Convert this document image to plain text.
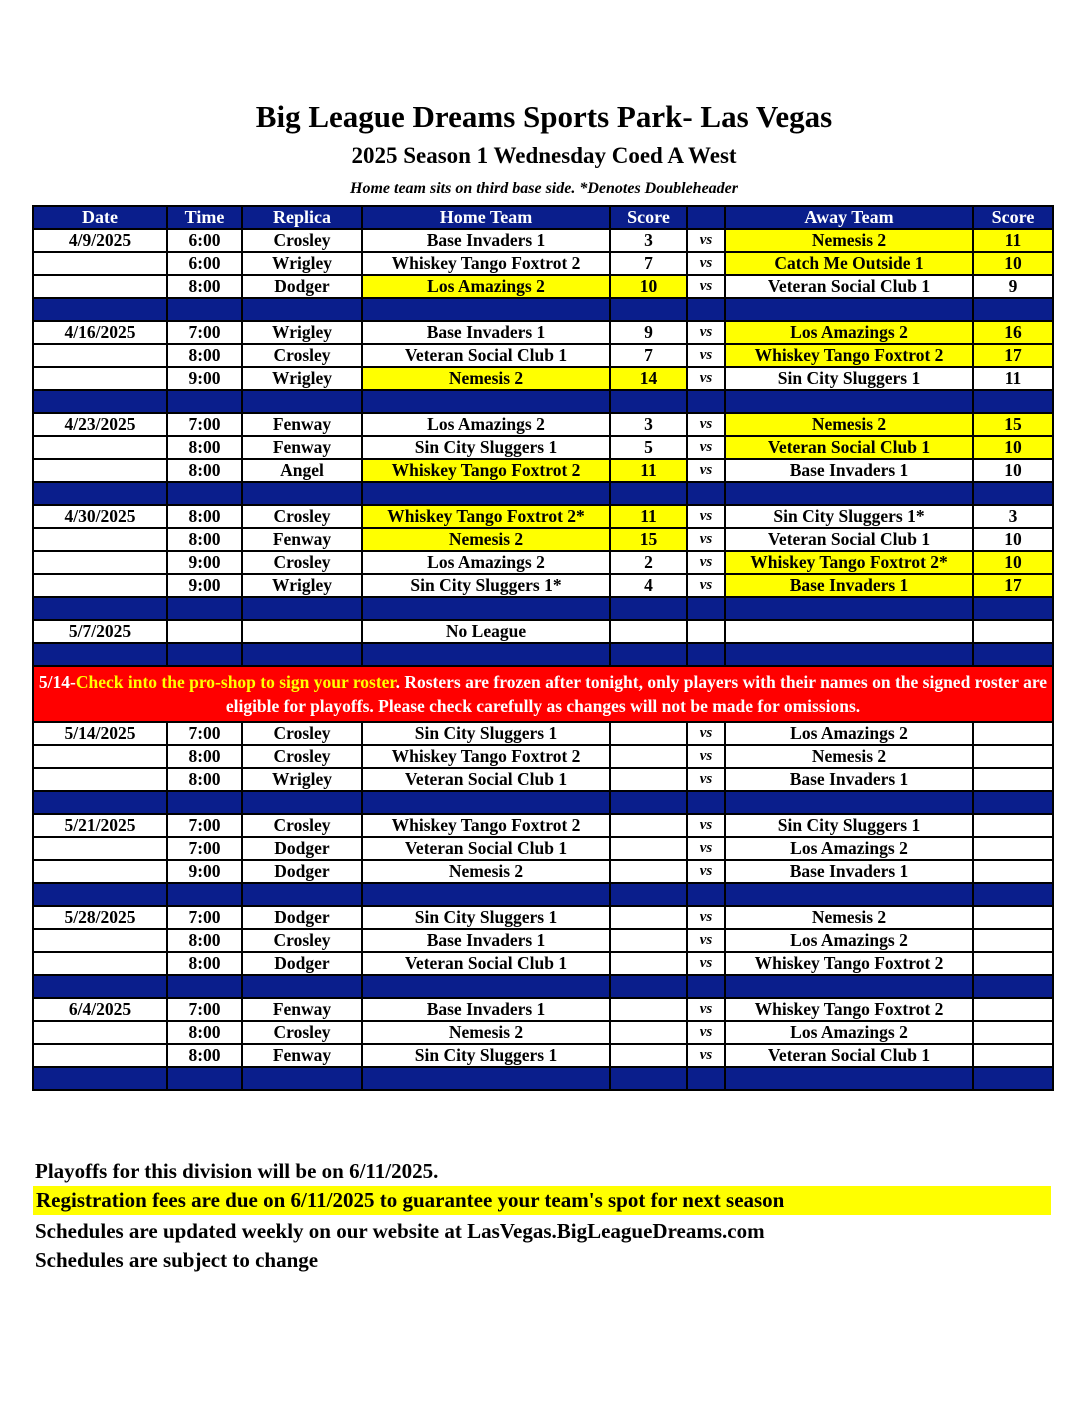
Big League Dreams Sports Park- Las Vegas
2025 Season 1 Wednesday Coed A West
Home team sits on third base side. *Denotes Doubleheader
Date	Time	Replica	Home Team	Score		Away Team	Score
4/9/2025	6:00	Crosley	Base Invaders 1	3	vs	Nemesis 2	11
	6:00	Wrigley	Whiskey Tango Foxtrot 2	7	vs	Catch Me Outside 1	10
	8:00	Dodger	Los Amazings 2	10	vs	Veteran Social Club 1	9

4/16/2025	7:00	Wrigley	Base Invaders 1	9	vs	Los Amazings 2	16
	8:00	Crosley	Veteran Social Club 1	7	vs	Whiskey Tango Foxtrot 2	17
	9:00	Wrigley	Nemesis 2	14	vs	Sin City Sluggers 1	11

4/23/2025	7:00	Fenway	Los Amazings 2	3	vs	Nemesis 2	15
	8:00	Fenway	Sin City Sluggers 1	5	vs	Veteran Social Club 1	10
	8:00	Angel	Whiskey Tango Foxtrot 2	11	vs	Base Invaders 1	10

4/30/2025	8:00	Crosley	Whiskey Tango Foxtrot 2*	11	vs	Sin City Sluggers 1*	3
	8:00	Fenway	Nemesis 2	15	vs	Veteran Social Club 1	10
	9:00	Crosley	Los Amazings 2	2	vs	Whiskey Tango Foxtrot 2*	10
	9:00	Wrigley	Sin City Sluggers 1*	4	vs	Base Invaders 1	17

5/7/2025			No League				

5/14-Check into the pro-shop to sign your roster. Rosters are frozen after tonight, only players with their names on the signed roster are eligible for playoffs. Please check carefully as changes will not be made for omissions.							
5/14/2025	7:00	Crosley	Sin City Sluggers 1		vs	Los Amazings 2	
	8:00	Crosley	Whiskey Tango Foxtrot 2		vs	Nemesis 2	
	8:00	Wrigley	Veteran Social Club 1		vs	Base Invaders 1	

5/21/2025	7:00	Crosley	Whiskey Tango Foxtrot 2		vs	Sin City Sluggers 1	
	7:00	Dodger	Veteran Social Club 1		vs	Los Amazings 2	
	9:00	Dodger	Nemesis 2		vs	Base Invaders 1	

5/28/2025	7:00	Dodger	Sin City Sluggers 1		vs	Nemesis 2	
	8:00	Crosley	Base Invaders 1		vs	Los Amazings 2	
	8:00	Dodger	Veteran Social Club 1		vs	Whiskey Tango Foxtrot 2	

6/4/2025	7:00	Fenway	Base Invaders 1		vs	Whiskey Tango Foxtrot 2	
	8:00	Crosley	Nemesis 2		vs	Los Amazings 2	
	8:00	Fenway	Sin City Sluggers 1		vs	Veteran Social Club 1	

Playoffs for this division will be on 6/11/2025.
Registration fees are due on 6/11/2025 to guarantee your team's spot for next season
Schedules are updated weekly on our website at LasVegas.BigLeagueDreams.com
Schedules are subject to change
